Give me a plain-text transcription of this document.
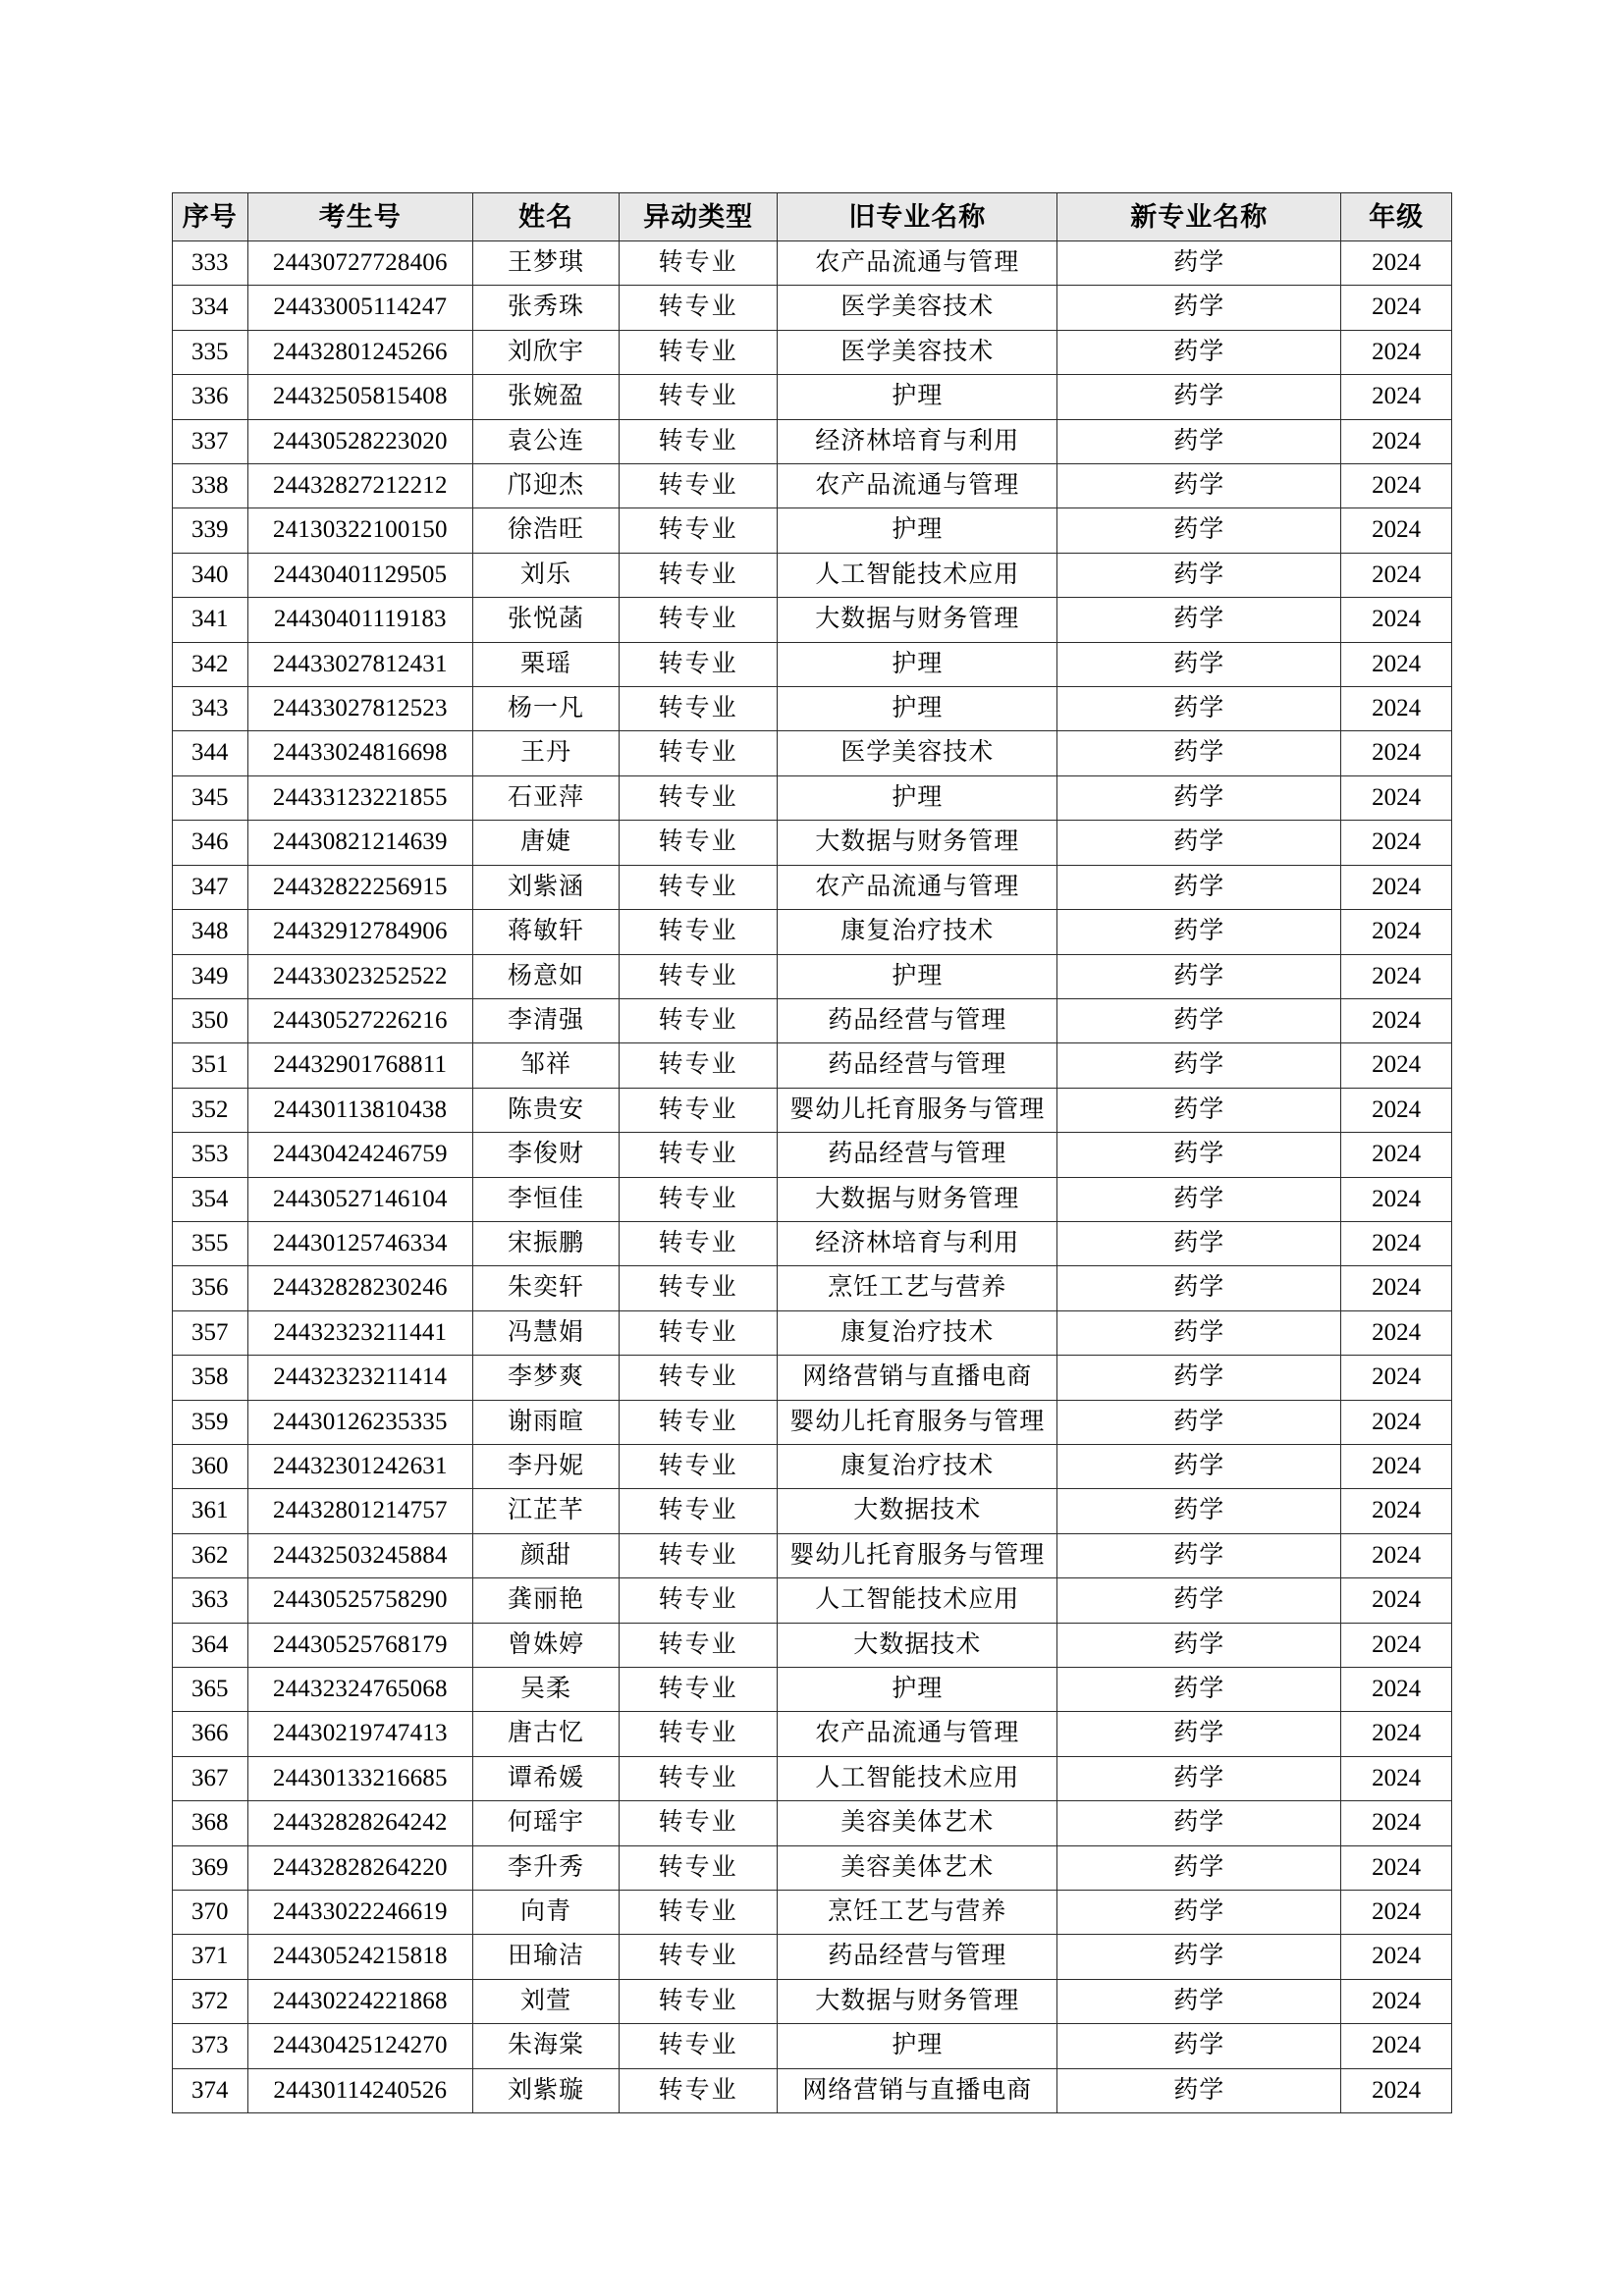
序号	考生号	姓名	异动类型	旧专业名称	新专业名称	年级
333	24430727728406	王梦琪	转专业	农产品流通与管理	药学	2024
334	24433005114247	张秀珠	转专业	医学美容技术	药学	2024
335	24432801245266	刘欣宇	转专业	医学美容技术	药学	2024
336	24432505815408	张婉盈	转专业	护理	药学	2024
337	24430528223020	袁公连	转专业	经济林培育与利用	药学	2024
338	24432827212212	邝迎杰	转专业	农产品流通与管理	药学	2024
339	24130322100150	徐浩旺	转专业	护理	药学	2024
340	24430401129505	刘乐	转专业	人工智能技术应用	药学	2024
341	24430401119183	张悦菡	转专业	大数据与财务管理	药学	2024
342	24433027812431	栗瑶	转专业	护理	药学	2024
343	24433027812523	杨一凡	转专业	护理	药学	2024
344	24433024816698	王丹	转专业	医学美容技术	药学	2024
345	24433123221855	石亚萍	转专业	护理	药学	2024
346	24430821214639	唐婕	转专业	大数据与财务管理	药学	2024
347	24432822256915	刘紫涵	转专业	农产品流通与管理	药学	2024
348	24432912784906	蒋敏轩	转专业	康复治疗技术	药学	2024
349	24433023252522	杨意如	转专业	护理	药学	2024
350	24430527226216	李清强	转专业	药品经营与管理	药学	2024
351	24432901768811	邹祥	转专业	药品经营与管理	药学	2024
352	24430113810438	陈贵安	转专业	婴幼儿托育服务与管理	药学	2024
353	24430424246759	李俊财	转专业	药品经营与管理	药学	2024
354	24430527146104	李恒佳	转专业	大数据与财务管理	药学	2024
355	24430125746334	宋振鹏	转专业	经济林培育与利用	药学	2024
356	24432828230246	朱奕轩	转专业	烹饪工艺与营养	药学	2024
357	24432323211441	冯慧娟	转专业	康复治疗技术	药学	2024
358	24432323211414	李梦爽	转专业	网络营销与直播电商	药学	2024
359	24430126235335	谢雨暄	转专业	婴幼儿托育服务与管理	药学	2024
360	24432301242631	李丹妮	转专业	康复治疗技术	药学	2024
361	24432801214757	江芷芊	转专业	大数据技术	药学	2024
362	24432503245884	颜甜	转专业	婴幼儿托育服务与管理	药学	2024
363	24430525758290	龚丽艳	转专业	人工智能技术应用	药学	2024
364	24430525768179	曾姝婷	转专业	大数据技术	药学	2024
365	24432324765068	吴柔	转专业	护理	药学	2024
366	24430219747413	唐古忆	转专业	农产品流通与管理	药学	2024
367	24430133216685	谭希媛	转专业	人工智能技术应用	药学	2024
368	24432828264242	何瑶宇	转专业	美容美体艺术	药学	2024
369	24432828264220	李升秀	转专业	美容美体艺术	药学	2024
370	24433022246619	向青	转专业	烹饪工艺与营养	药学	2024
371	24430524215818	田瑜洁	转专业	药品经营与管理	药学	2024
372	24430224221868	刘萱	转专业	大数据与财务管理	药学	2024
373	24430425124270	朱海棠	转专业	护理	药学	2024
374	24430114240526	刘紫璇	转专业	网络营销与直播电商	药学	2024
